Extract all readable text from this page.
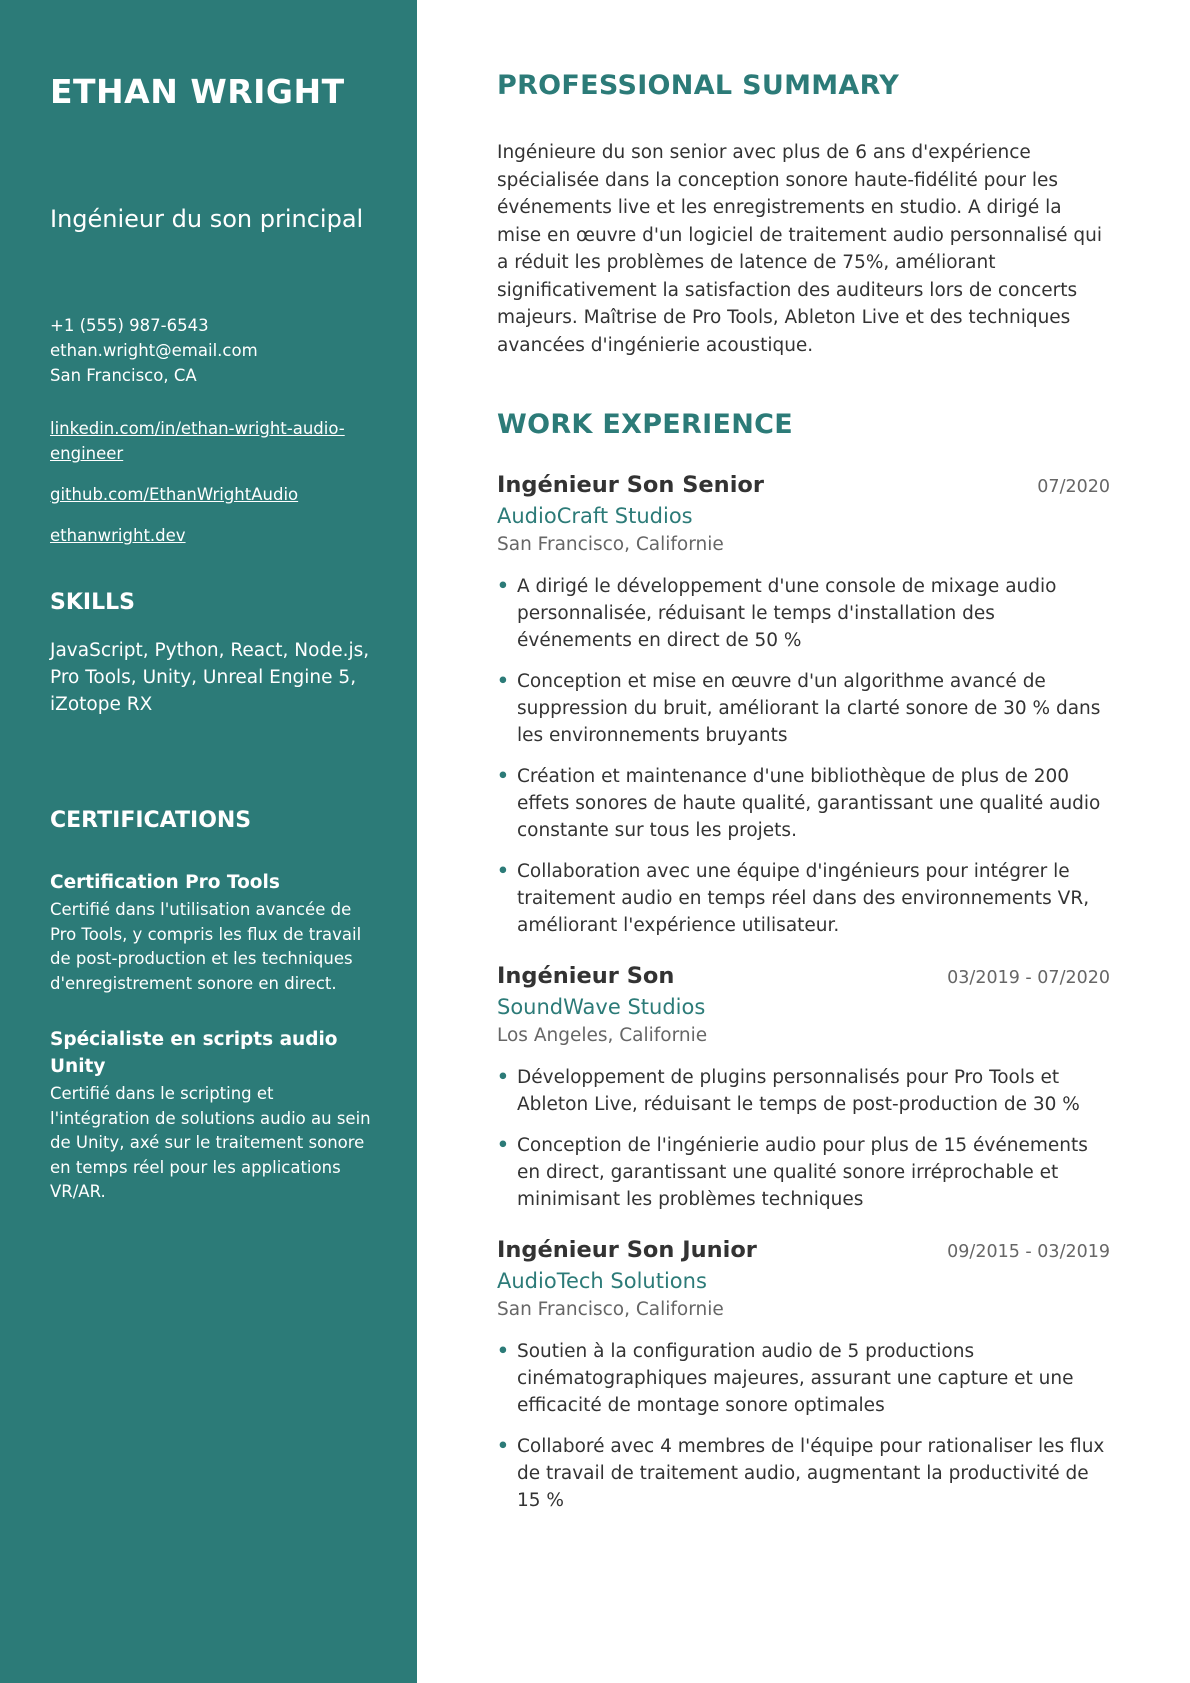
ETHAN WRIGHT
Ingénieur du son principal
+1 (555) 987-6543
ethan.wright@email.com
San Francisco, CA
linkedin.com/in/ethan-wright-audio-engineer
github.com/EthanWrightAudio
ethanwright.dev
SKILLS
JavaScript, Python, React, Node.js, Pro Tools, Unity, Unreal Engine 5, iZotope RX
CERTIFICATIONS
Certification Pro Tools
Certifié dans l'utilisation avancée de Pro Tools, y compris les flux de travail de post-production et les techniques d'enregistrement sonore en direct.
Spécialiste en scripts audio Unity
Certifié dans le scripting et l'intégration de solutions audio au sein de Unity, axé sur le traitement sonore en temps réel pour les applications VR/AR.
PROFESSIONAL SUMMARY

Ingénieure du son senior avec plus de 6 ans d'expérience spécialisée dans la conception sonore haute-fidélité pour les événements live et les enregistrements en studio. A dirigé la mise en œuvre d'un logiciel de traitement audio personnalisé qui a réduit les problèmes de latence de 75%, améliorant significativement la satisfaction des auditeurs lors de concerts majeurs. Maîtrise de Pro Tools, Ableton Live et des techniques avancées d'ingénierie acoustique.

WORK EXPERIENCE
Ingénieur Son Senior	07/2020
AudioCraft Studios
San Francisco, Californie
• A dirigé le développement d'une console de mixage audio personnalisée, réduisant le temps d'installation des événements en direct de 50 %
• Conception et mise en œuvre d'un algorithme avancé de suppression du bruit, améliorant la clarté sonore de 30 % dans les environnements bruyants
• Création et maintenance d'une bibliothèque de plus de 200 effets sonores de haute qualité, garantissant une qualité audio constante sur tous les projets.
• Collaboration avec une équipe d'ingénieurs pour intégrer le traitement audio en temps réel dans des environnements VR, améliorant l'expérience utilisateur.
Ingénieur Son	03/2019 - 07/2020
SoundWave Studios
Los Angeles, Californie
• Développement de plugins personnalisés pour Pro Tools et Ableton Live, réduisant le temps de post-production de 30 %
• Conception de l'ingénierie audio pour plus de 15 événements en direct, garantissant une qualité sonore irréprochable et minimisant les problèmes techniques
Ingénieur Son Junior	09/2015 - 03/2019
AudioTech Solutions
San Francisco, Californie
• Soutien à la configuration audio de 5 productions cinématographiques majeures, assurant une capture et une efficacité de montage sonore optimales
• Collaboré avec 4 membres de l'équipe pour rationaliser les flux de travail de traitement audio, augmentant la productivité de 15 %
